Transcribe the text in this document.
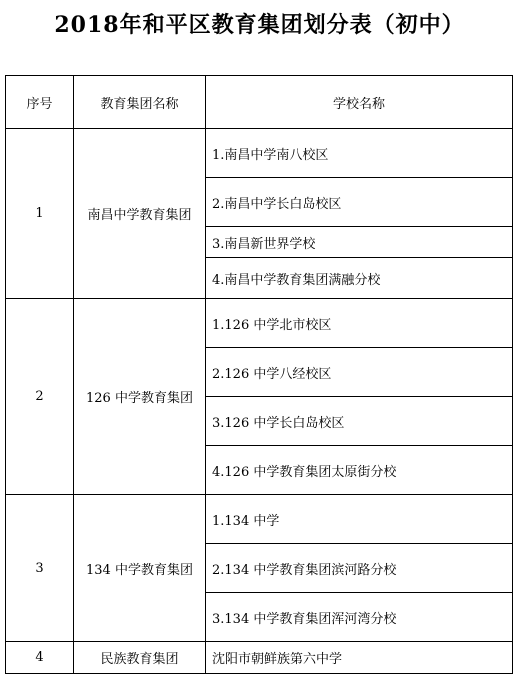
2018年和平区教育集团划分表（初中）
序号	教育集团名称	学校名称
1	南昌中学教育集团	1.南昌中学南八校区
		2.南昌中学长白岛校区
		3.南昌新世界学校
		4.南昌中学教育集团满融分校
2	126 中学教育集团	1.126 中学北市校区
		2.126 中学八经校区
		3.126 中学长白岛校区
		4.126 中学教育集团太原街分校
3	134 中学教育集团	1.134 中学
		2.134 中学教育集团滨河路分校
		3.134 中学教育集团浑河湾分校
4	民族教育集团	沈阳市朝鲜族第六中学
